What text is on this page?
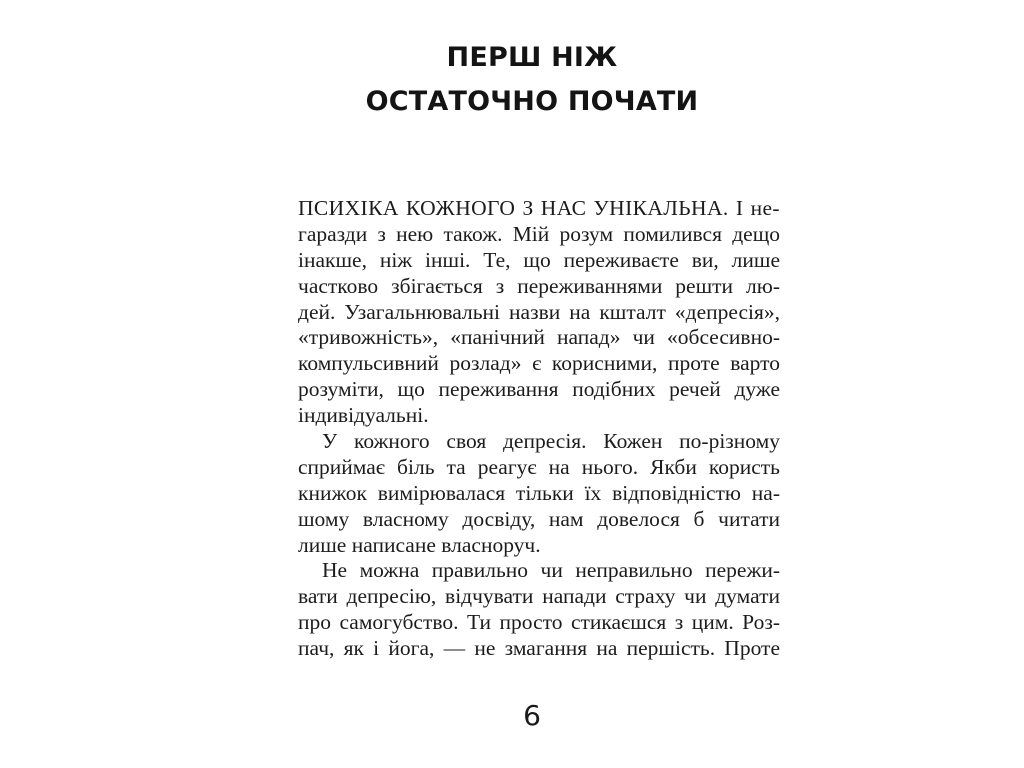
ПЕРШ НІЖ
ОСТАТОЧНО ПОЧАТИ
ПСИХІКА КОЖНОГО З НАС УНІКАЛЬНА. І не-
гаразди з нею також. Мій розум помилився дещо
інакше, ніж інші. Те, що переживаєте ви, лише
частково збігається з переживаннями решти лю-
дей. Узагальнювальні назви на кшталт «депресія»,
«тривожність», «панічний напад» чи «обсесивно-
компульсивний розлад» є корисними, проте варто
розуміти, що переживання подібних речей дуже
індивідуальні.
У кожного своя депресія. Кожен по-різному
сприймає біль та реагує на нього. Якби користь
книжок вимірювалася тільки їх відповідністю на-
шому власному досвіду, нам довелося б читати
лише написане власноруч.
Не можна правильно чи неправильно пережи-
вати депресію, відчувати напади страху чи думати
про самогубство. Ти просто стикаєшся з цим. Роз-
пач, як і йога, — не змагання на першість. Проте
6
